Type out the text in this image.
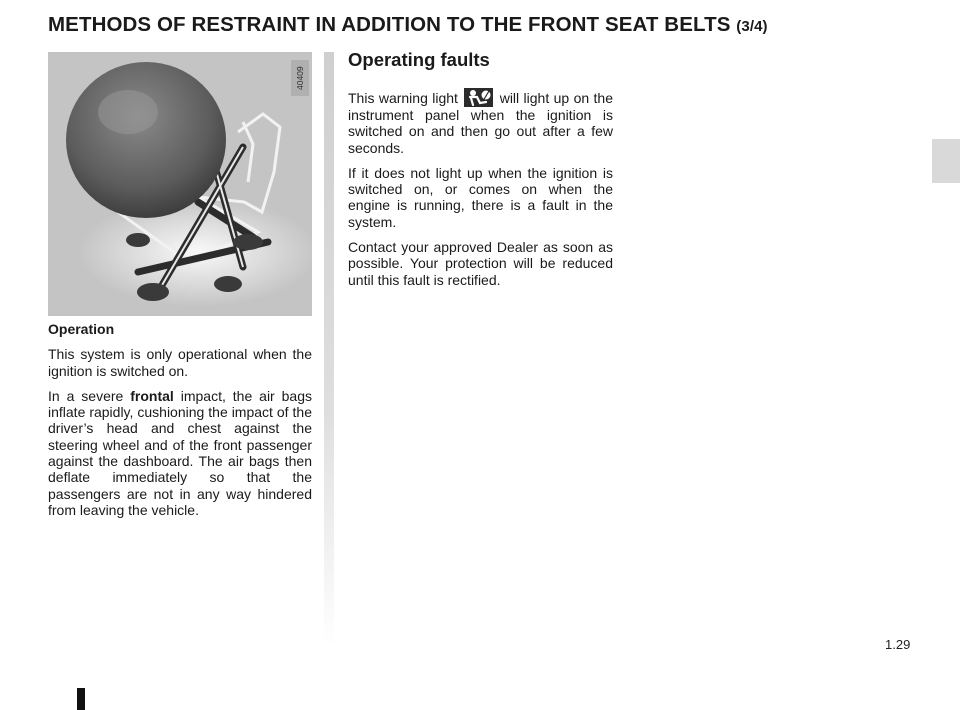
METHODS OF RESTRAINT IN ADDITION TO THE FRONT SEAT BELTS (3/4)
40409

Operation

This system is only operational when the ignition is switched on.

In a severe frontal impact, the air bags inflate rapidly, cushioning the impact of the driver’s head and chest against the steering wheel and of the front passenger against the dashboard. The air bags then deflate immediately so that the passengers are not in any way hindered from leaving the vehicle.

Operating faults

This warning light  will light up on the instrument panel when the ignition is switched on and then go out after a few seconds.

If it does not light up when the ignition is switched on, or comes on when the engine is running, there is a fault in the system.

Contact your approved Dealer as soon as possible. Your protection will be reduced until this fault is rectified.

1.29
